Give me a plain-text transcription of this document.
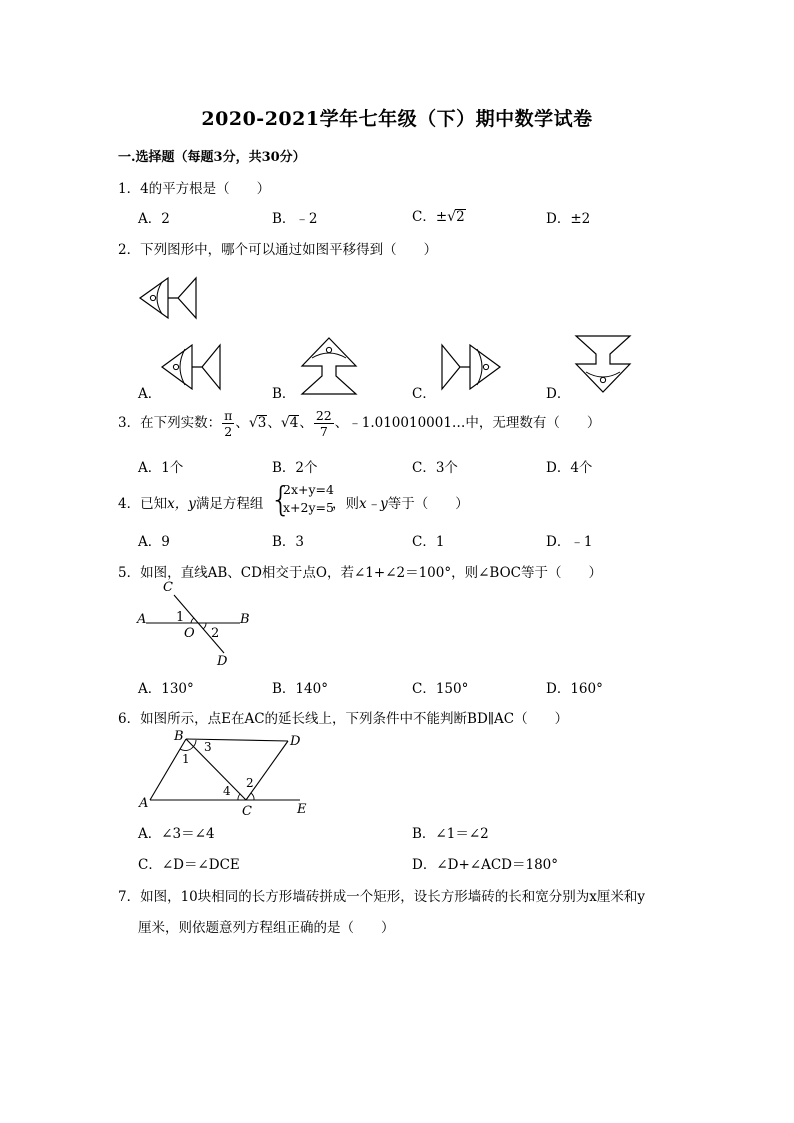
2020-2021学年七年级（下）期中数学试卷
一.选择题（每题3分，共30分）
1．4的平方根是（　　）
A．2	B．﹣2	C．±√2	D．±2
2．下列图形中，哪个可以通过如图平移得到（　　）
A．	B．	C．	D．
3．在下列实数： $\frac{\pi}{2}$ 、√3、√4、 $\frac{22}{7}$ 、﹣1.010010001…中，无理数有（　　）
A．1个	B．2个	C．3个	D．4个
4．已知x，y满足方程组 {
2x+y=4
x+2y=5
，则x﹣y等于（　　）
A．9	B．3	C．1	D．﹣1
5．如图，直线AB、CD相交于点O，若∠1+∠2＝100°，则∠BOC等于（　　）
C
A	B
1
O 2
D
A．130°	B．140°	C．150°	D．160°
6．如图所示，点E在AC的延长线上，下列条件中不能判断BD∥AC（　　）
B
3
1
D
2
4
A
C	E
A．∠3＝∠4	B．∠1＝∠2
C．∠D＝∠DCE	D．∠D+∠ACD＝180°
7．如图，10块相同的长方形墙砖拼成一个矩形，设长方形墙砖的长和宽分别为x厘米和y
厘米，则依题意列方程组正确的是（　　）
